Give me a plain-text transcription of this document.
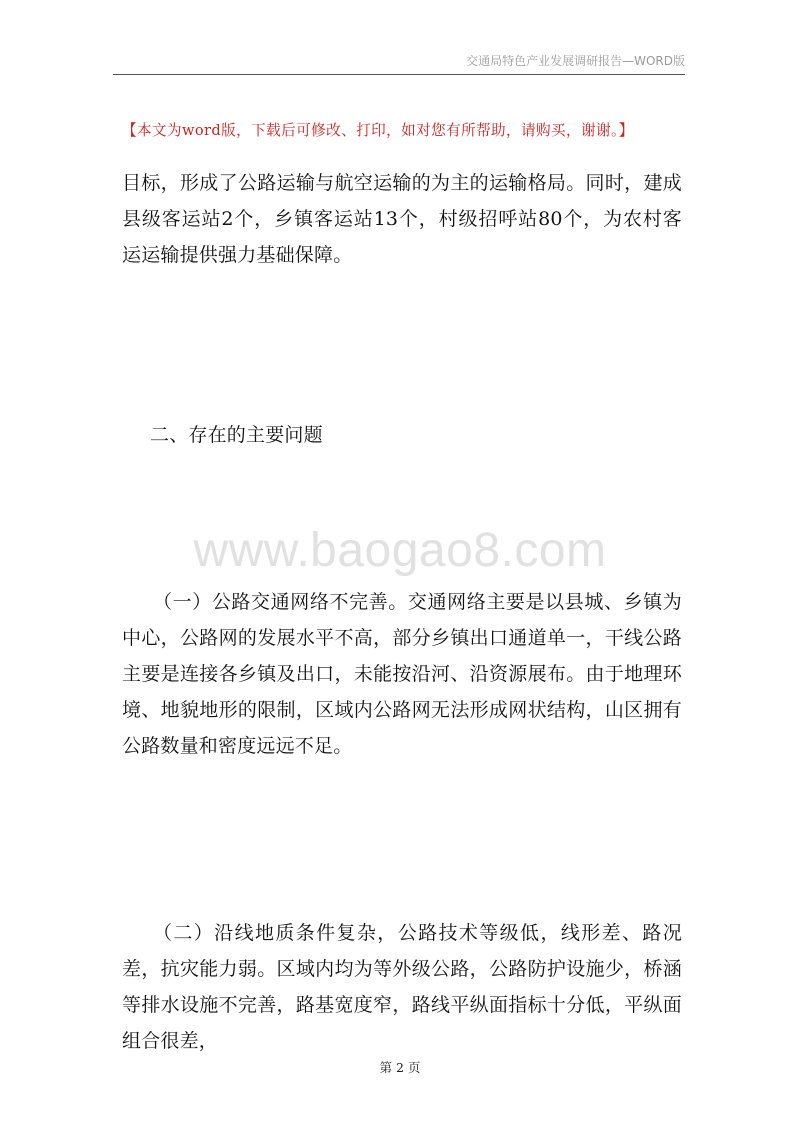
交通局特色产业发展调研报告—WORD版
【本文为word版，下载后可修改、打印，如对您有所帮助，请购买，谢谢。】

目标，形成了公路运输与航空运输的为主的运输格局。同时，建成县级客运站2个，乡镇客运站13个，村级招呼站80个，为农村客运运输提供强力基础保障。

二、存在的主要问题

www.baogao8.com

（一）公路交通网络不完善。交通网络主要是以县城、乡镇为中心，公路网的发展水平不高，部分乡镇出口通道单一，干线公路主要是连接各乡镇及出口，未能按沿河、沿资源展布。由于地理环境、地貌地形的限制，区域内公路网无法形成网状结构，山区拥有公路数量和密度远远不足。

（二）沿线地质条件复杂，公路技术等级低，线形差、路况差，抗灾能力弱。区域内均为等外级公路，公路防护设施少，桥涵等排水设施不完善，路基宽度窄，路线平纵面指标十分低，平纵面组合很差，

第 2 页
